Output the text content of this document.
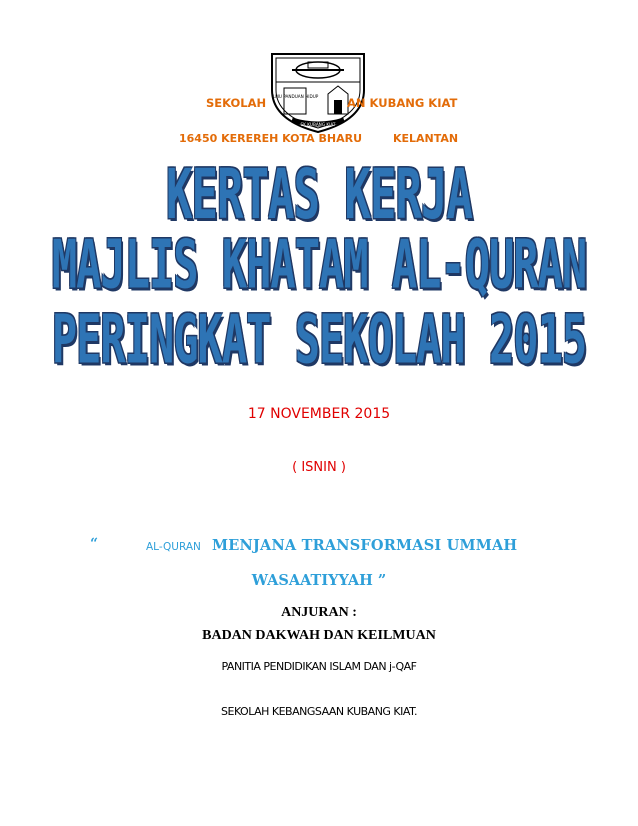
ILMU PANDUAN HIDUP
SK KUBANG KIAT
SEKOLAH	AN KUBANG KIAT
16450 KEREREH KOTA BHARU	KELANTAN
KERTAS KERJA
MAJLIS KHATAM AL-QURAN
PERINGKAT SEKOLAH 2015
17 NOVEMBER 2015
( ISNIN )
“	AL-QURAN MENJANA TRANSFORMASI UMMAH
WASAATIYYAH ”
ANJURAN :
BADAN DAKWAH DAN KEILMUAN
PANITIA PENDIDIKAN ISLAM DAN j-QAF
SEKOLAH KEBANGSAAN KUBANG KIAT.
